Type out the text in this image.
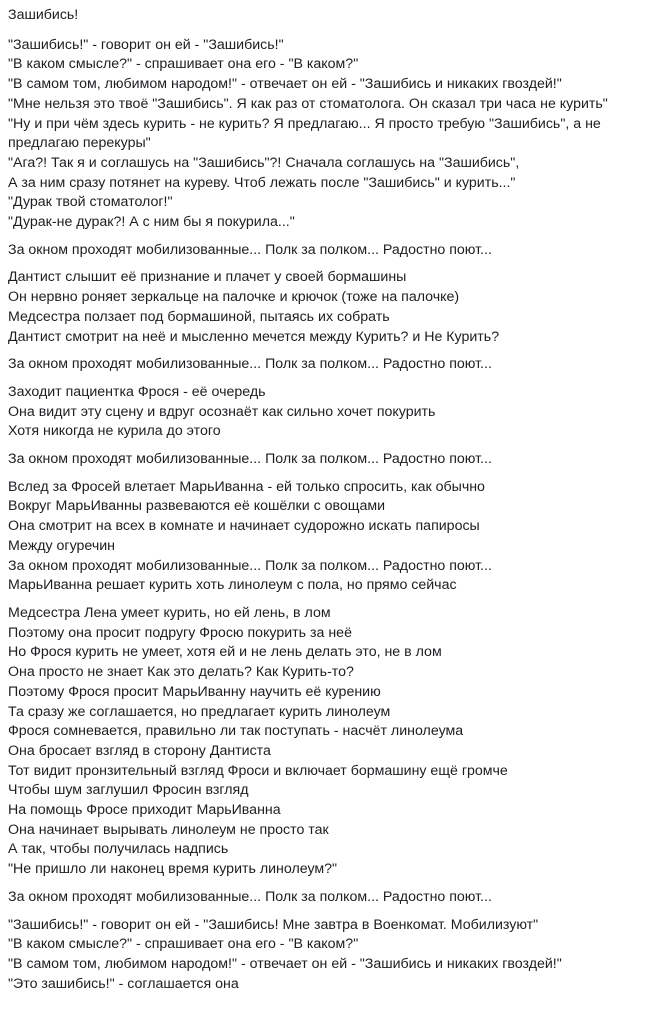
Зашибись!
"Зашибись!" - говорит он ей - "Зашибись!"
"В каком смысле?" - спрашивает она его - "В каком?"
"В самом том, любимом народом!" - отвечает он ей - "Зашибись и никаких гвоздей!"
"Мне нельзя это твоё "Зашибись". Я как раз от стоматолога. Он сказал три часа не курить"
"Ну и при чём здесь курить - не курить? Я предлагаю... Я просто требую "Зашибись", а не предлагаю перекуры"
"Ага?! Так я и соглашусь на "Зашибись"?! Сначала соглашусь на "Зашибись",
А за ним сразу потянет на куреву. Чтоб лежать после "Зашибись" и курить..."
"Дурак твой стоматолог!"
"Дурак-не дурак?! А с ним бы я покурила..."
За окном проходят мобилизованные... Полк за полком... Радостно поют...
Дантист слышит её признание и плачет у своей бормашины
Он нервно роняет зеркальце на палочке и крючок (тоже на палочке)
Медсестра ползает под бормашиной, пытаясь их собрать
Дантист смотрит на неё и мысленно мечется между Курить? и Не Курить?
За окном проходят мобилизованные... Полк за полком... Радостно поют...
Заходит пациентка Фрося - её очередь
Она видит эту сцену и вдруг осознаёт как сильно хочет покурить
Хотя никогда не курила до этого
За окном проходят мобилизованные... Полк за полком... Радостно поют...
Вслед за Фросей влетает МарьИванна - ей только спросить, как обычно
Вокруг МарьИванны развеваются её кошёлки с овощами
Она смотрит на всех в комнате и начинает судорожно искать папиросы
Между огуречин
За окном проходят мобилизованные... Полк за полком... Радостно поют...
МарьИванна решает курить хоть линолеум с пола, но прямо сейчас
Медсестра Лена умеет курить, но ей лень, в лом
Поэтому она просит подругу Фросю покурить за неё
Но Фрося курить не умеет, хотя ей и не лень делать это, не в лом
Она просто не знает Как это делать? Как Курить-то?
Поэтому Фрося просит МарьИванну научить её курению
Та сразу же соглашается, но предлагает курить линолеум
Фрося сомневается, правильно ли так поступать - насчёт линолеума
Она бросает взгляд в сторону Дантиста
Тот видит пронзительный взгляд Фроси и включает бормашину ещё громче
Чтобы шум заглушил Фросин взгляд
На помощь Фросе приходит МарьИванна
Она начинает вырывать линолеум не просто так
А так, чтобы получилась надпись
"Не пришло ли наконец время курить линолеум?"
За окном проходят мобилизованные... Полк за полком... Радостно поют...
"Зашибись!" - говорит он ей - "Зашибись! Мне завтра в Военкомат. Мобилизуют"
"В каком смысле?" - спрашивает она его - "В каком?"
"В самом том, любимом народом!" - отвечает он ей - "Зашибись и никаких гвоздей!"
"Это зашибись!" - соглашается она
